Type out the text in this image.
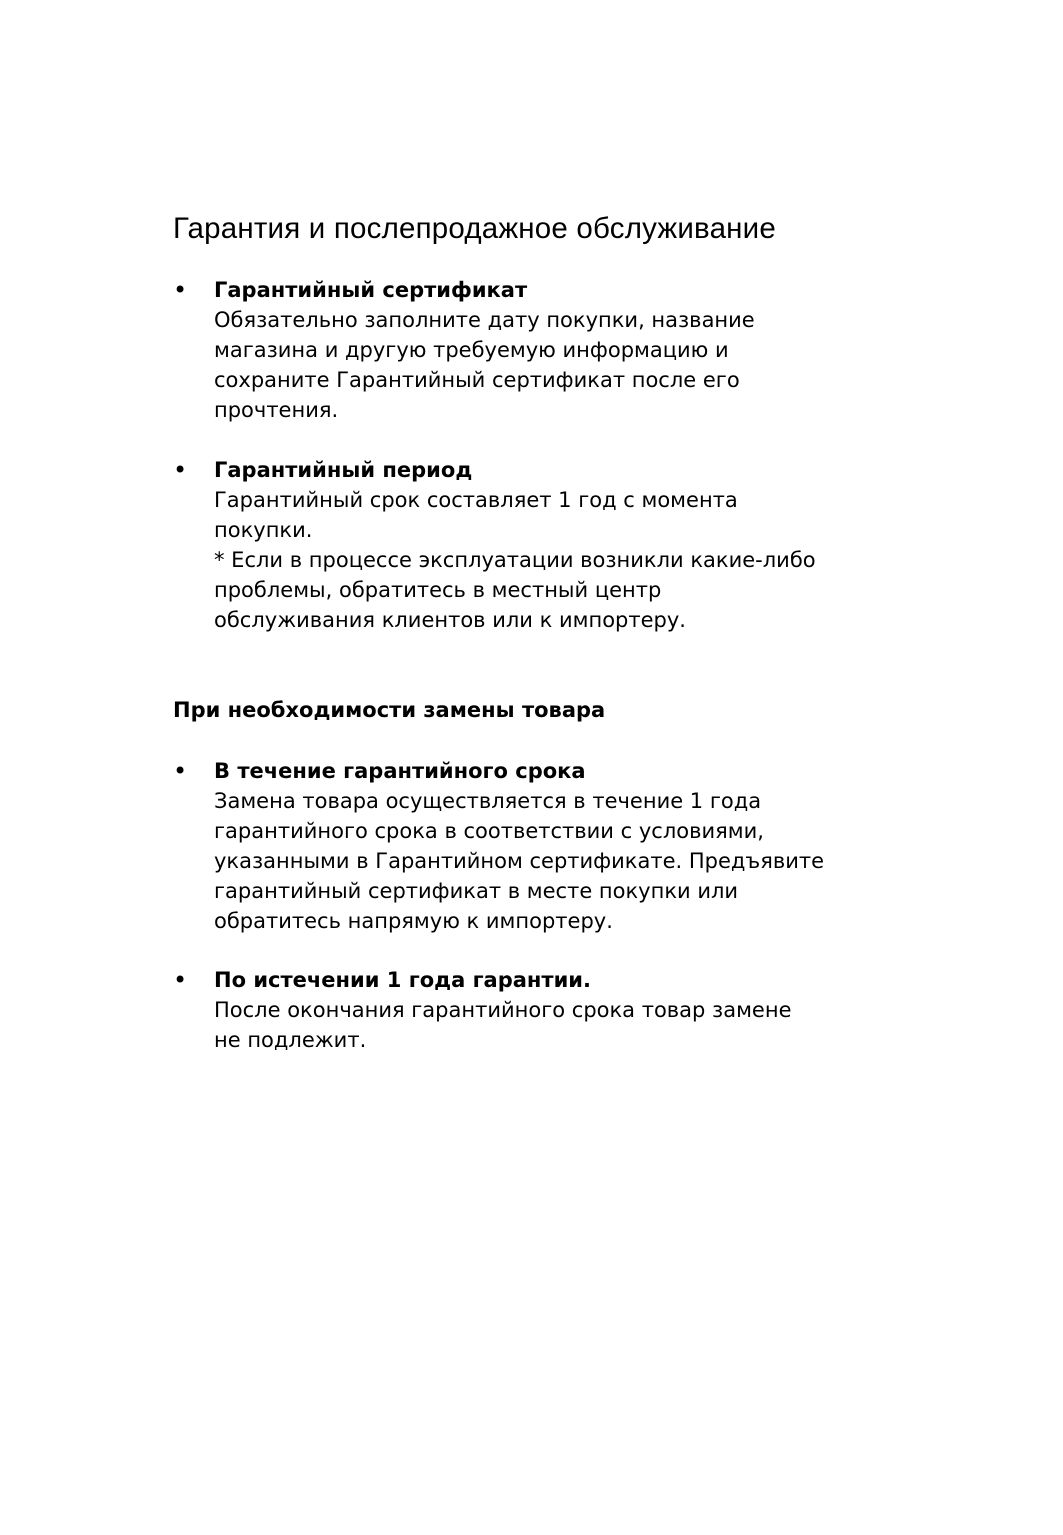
Гарантия и послепродажное обслуживание
•	Гарантийный сертификат
Обязательно заполните дату покупки, название
магазина и другую требуемую информацию и
сохраните Гарантийный сертификат после его
прочтения.
•	Гарантийный период
Гарантийный срок составляет 1 год с момента
покупки.
* Если в процессе эксплуатации возникли какие-либо
проблемы, обратитесь в местный центр
обслуживания клиентов или к импортеру.
При необходимости замены товара
•	В течение гарантийного срока
Замена товара осуществляется в течение 1 года
гарантийного срока в соответствии с условиями,
указанными в Гарантийном сертификате. Предъявите
гарантийный сертификат в месте покупки или
обратитесь напрямую к импортеру.
•	По истечении 1 года гарантии.
После окончания гарантийного срока товар замене
не подлежит.
